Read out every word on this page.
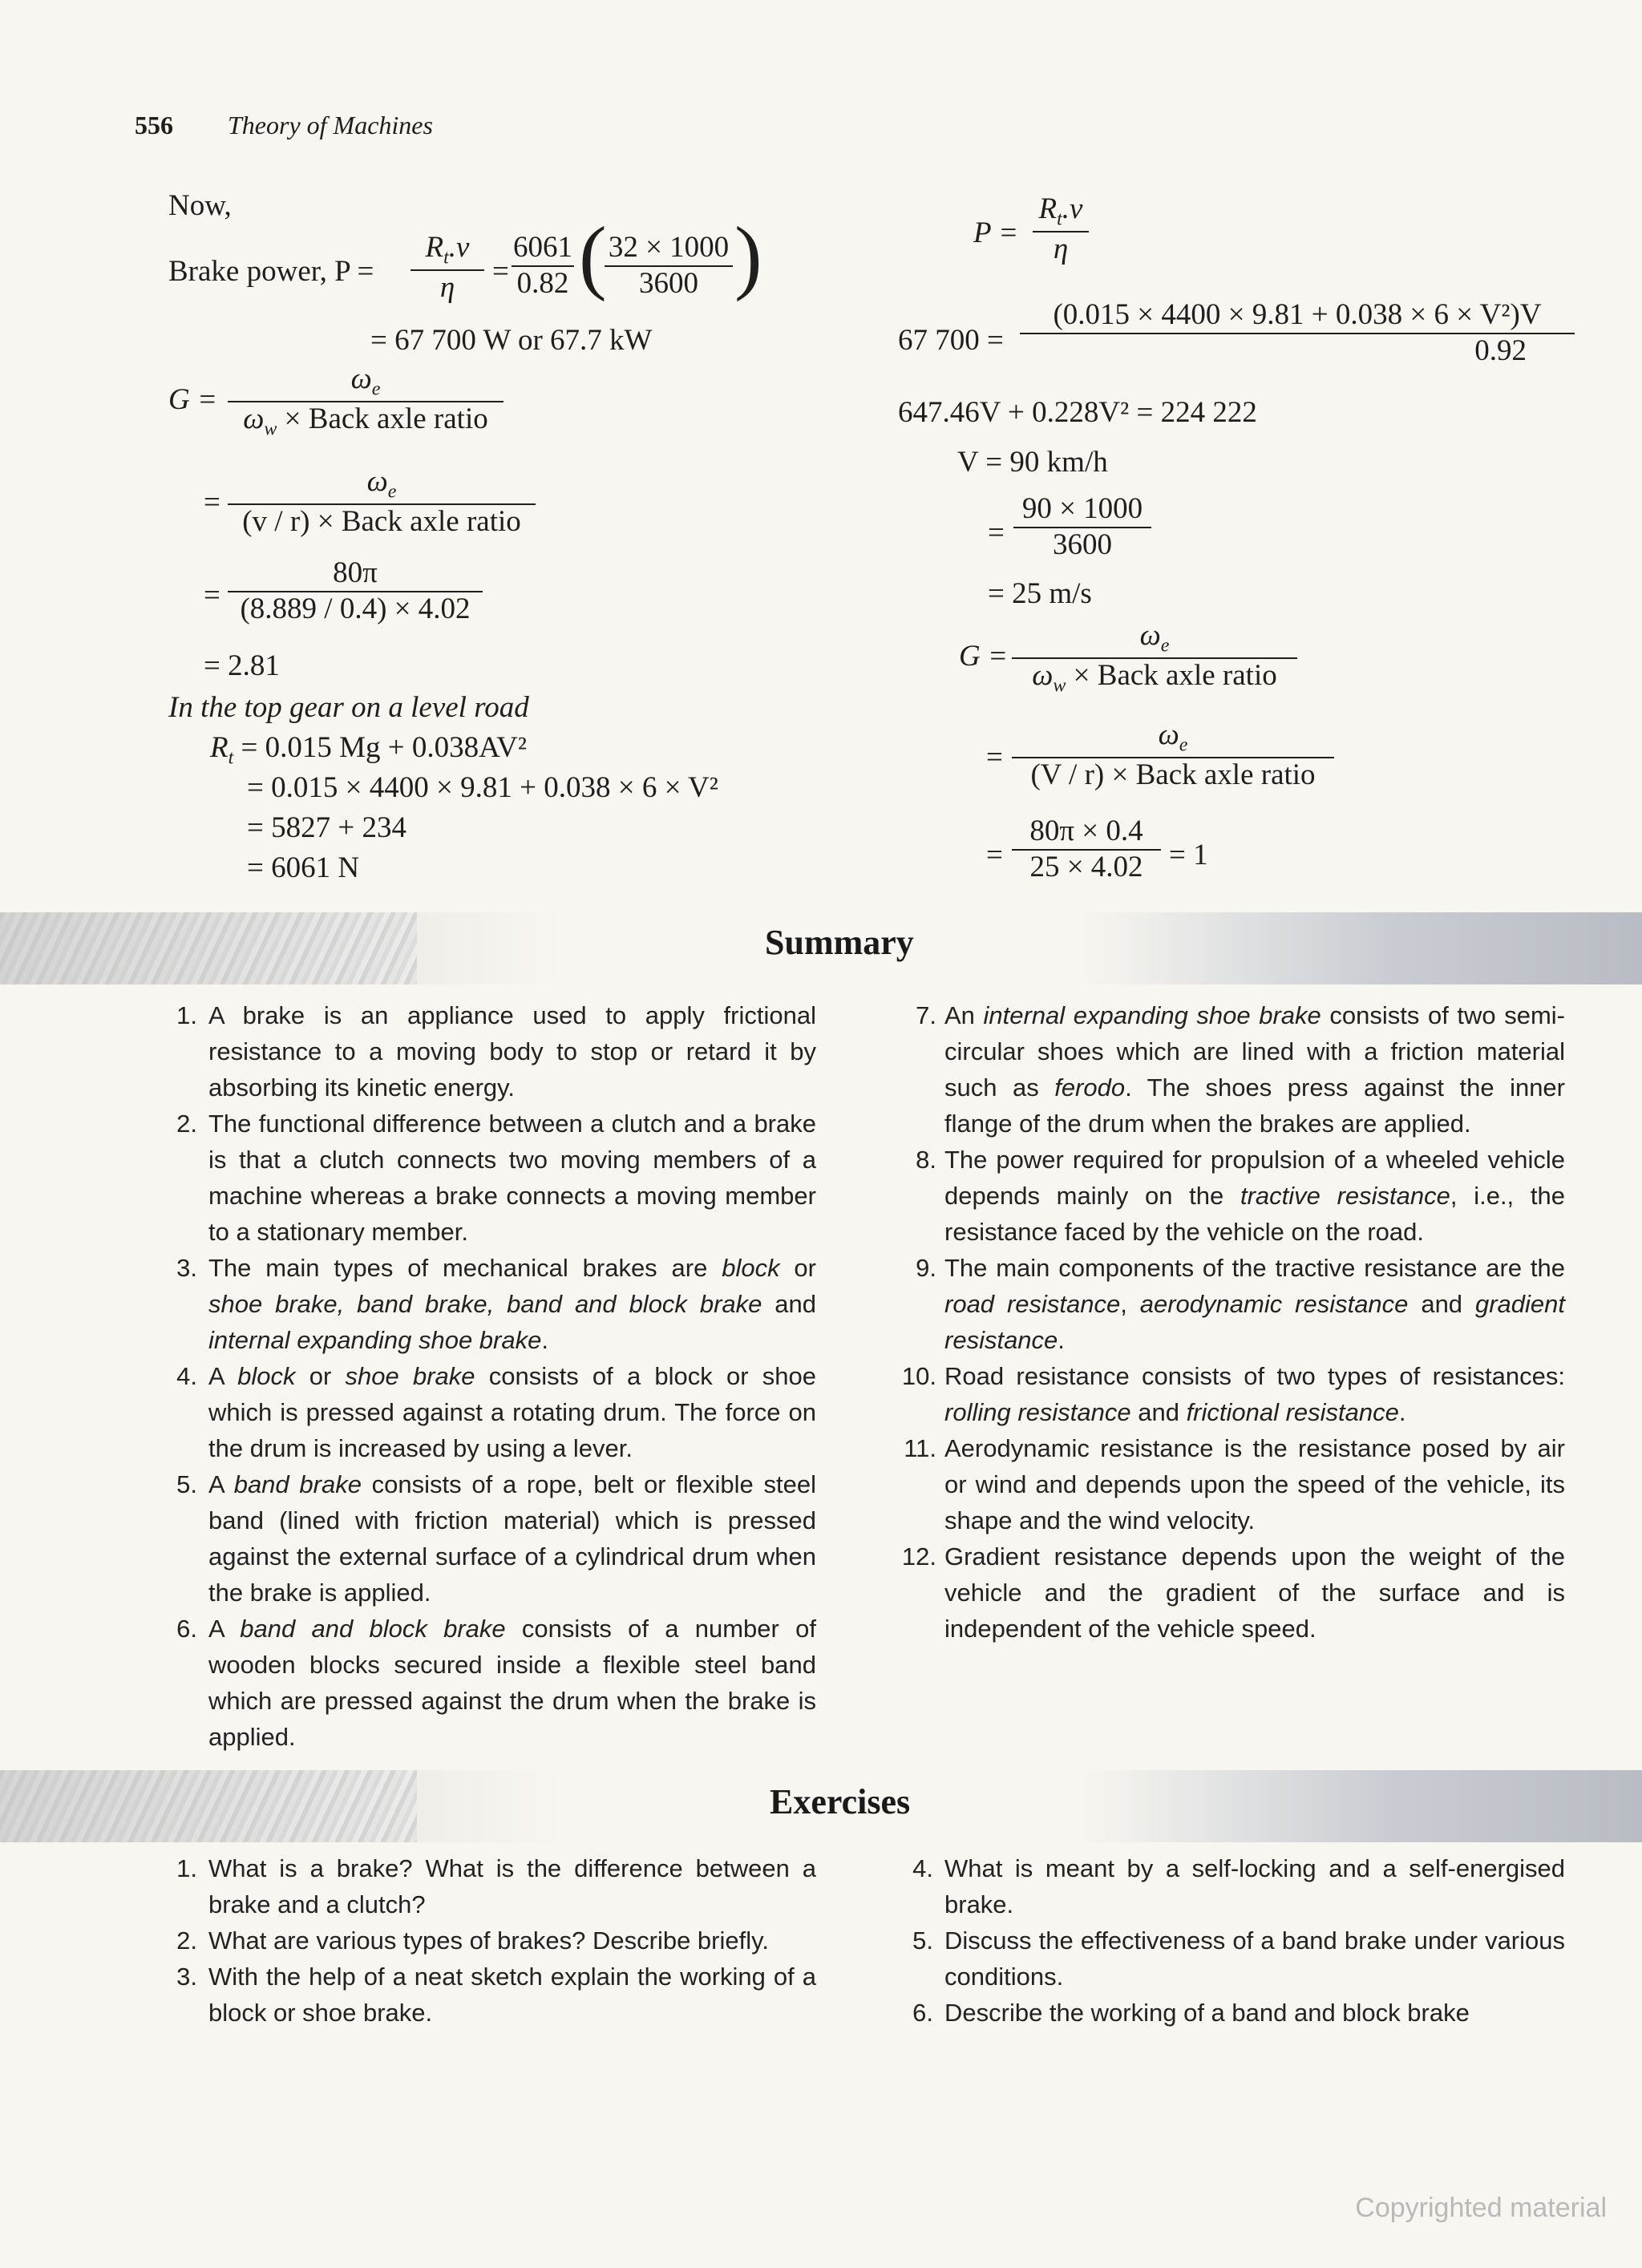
556 Theory of Machines
Now,
Brake power, P =
$R_t.v$
η	=
6061
0.82 ( 32 × 1000
3600 )
= 67 700 W or 67.7 kW
G =
$\omega_e$
$\omega_w$ × Back axle ratio
=
$\omega_e$
(v / r) × Back axle ratio
=
80π
(8.889 / 0.4) × 4.02
= 2.81
In the top gear on a level road
$R_t = 0.015$ Mg + 0.038AV²
= 0.015 × 4400 × 9.81 + 0.038 × 6 × V²
= 5827 + 234
= 6061 N
P =
$R_t.v$
η
67 700 =
(0.015 × 4400 × 9.81 + 0.038 × 6 × V²)V
0.92
647.46V + 0.228V² = 224 222
V = 90 km/h
=
90 × 1000
3600
= 25 m/s
G =
$\omega_e$
$\omega_w$ × Back axle ratio
=
$\omega_e$
(V / r) × Back axle ratio
=
80π × 0.4
25 × 4.02 = 1
Summary
1. A brake is an appliance used to apply frictional resistance to a moving body to stop or retard it by absorbing its kinetic energy.
2. The functional difference between a clutch and a brake is that a clutch connects two moving members of a machine whereas a brake connects a moving member to a stationary member.
3. The main types of mechanical brakes are block or shoe brake, band brake, band and block brake and internal expanding shoe brake.
4. A block or shoe brake consists of a block or shoe which is pressed against a rotating drum. The force on the drum is increased by using a lever.
5. A band brake consists of a rope, belt or flexible steel band (lined with friction material) which is pressed against the external surface of a cylindrical drum when the brake is applied.
6. A band and block brake consists of a number of wooden blocks secured inside a flexible steel band which are pressed against the drum when the brake is applied.
7. An internal expanding shoe brake consists of two semi-circular shoes which are lined with a friction material such as ferodo. The shoes press against the inner flange of the drum when the brakes are applied.
8. The power required for propulsion of a wheeled vehicle depends mainly on the tractive resistance, i.e., the resistance faced by the vehicle on the road.
9. The main components of the tractive resistance are the road resistance, aerodynamic resistance and gradient resistance.
10. Road resistance consists of two types of resistances: rolling resistance and frictional resistance.
11. Aerodynamic resistance is the resistance posed by air or wind and depends upon the speed of the vehicle, its shape and the wind velocity.
12. Gradient resistance depends upon the weight of the vehicle and the gradient of the surface and is independent of the vehicle speed.
Exercises
1. What is a brake? What is the difference between a brake and a clutch?
2. What are various types of brakes? Describe briefly.
3. With the help of a neat sketch explain the working of a block or shoe brake.
4. What is meant by a self-locking and a self-energised brake.
5. Discuss the effectiveness of a band brake under various conditions.
6. Describe the working of a band and block brake
Copyrighted material
